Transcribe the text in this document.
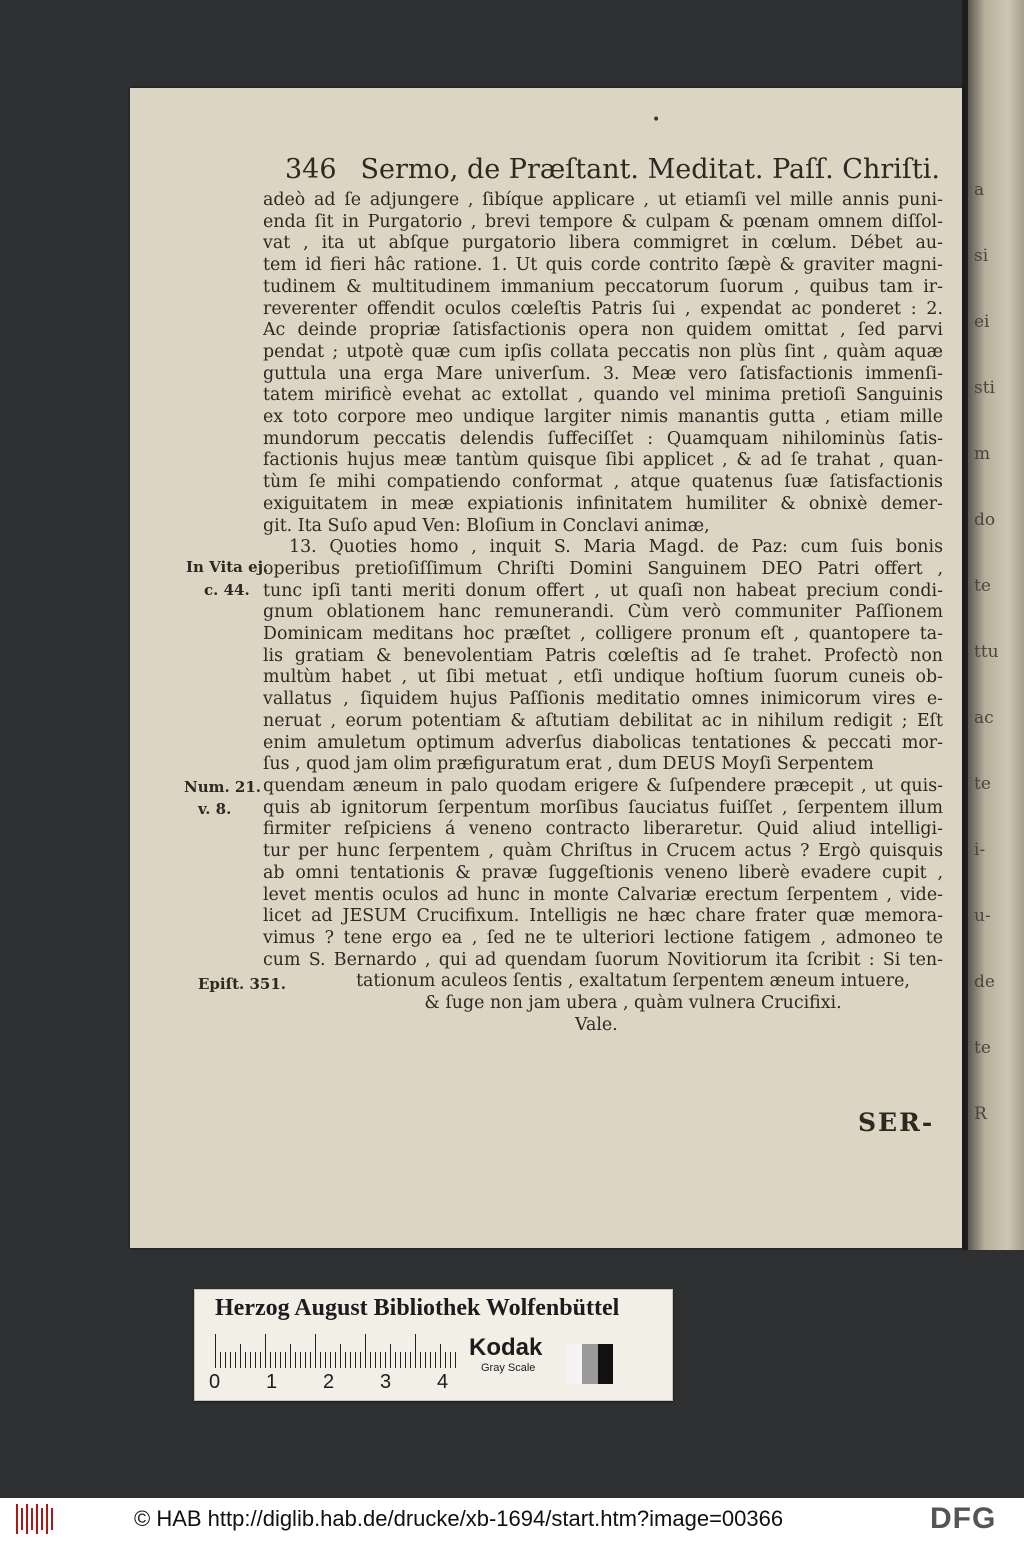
a
si
ei
sti
m
do
te
ttu
ac
te
i-
u-
de
te
R
•
346 Sermo, de Præſtant. Meditat. Paſſ. Chriſti.
adeò ad ſe adjungere , ſibíque applicare , ut etiamſi vel mille annis puni-
enda ſit in Purgatorio , brevi tempore & culpam & pœnam omnem diſſol-
vat , ita ut abſque purgatorio libera commigret in cœlum. Débet au-
tem id fieri hâc ratione. 1. Ut quis corde contrito ſæpè & graviter magni-
tudinem & multitudinem immanium peccatorum ſuorum , quibus tam ir-
reverenter offendit oculos cœleſtis Patris ſui , expendat ac ponderet : 2.
Ac deinde propriæ ſatisfactionis opera non quidem omittat , ſed parvi
pendat ; utpotè quæ cum ipſis collata peccatis non plùs ſint , quàm aquæ
guttula una erga Mare univerſum. 3. Meæ vero ſatisfactionis immenſi-
tatem mirificè evehat ac extollat , quando vel minima pretioſi Sanguinis
ex toto corpore meo undique largiter nimis manantis gutta , etiam mille
mundorum peccatis delendis ſuffeciſſet : Quamquam nihilominùs ſatis-
factionis hujus meæ tantùm quisque ſibi applicet , & ad ſe trahat , quan-
tùm ſe mihi compatiendo conformat , atque quatenus ſuæ ſatisfactionis
exiguitatem in meæ expiationis infinitatem humiliter & obnixè demer-
git. Ita Suſo apud Ven: Bloſium in Conclavi animæ,
13. Quoties homo , inquit S. Maria Magd. de Paz: cum ſuis bonis
operibus pretioſiſſimum Chriſti Domini Sanguinem DEO Patri offert ,
tunc ipſi tanti meriti donum offert , ut quaſi non habeat precium condi-
gnum oblationem hanc remunerandi. Cùm verò communiter Paſſionem
Dominicam meditans hoc præſtet , colligere pronum eſt , quantopere ta-
lis gratiam & benevolentiam Patris cœleſtis ad ſe trahet. Profectò non
multùm habet , ut ſibi metuat , etſi undique hoſtium ſuorum cuneis ob-
vallatus , ſiquidem hujus Paſſionis meditatio omnes inimicorum vires e-
neruat , eorum potentiam & aſtutiam debilitat ac in nihilum redigit ; Eſt
enim amuletum optimum adverſus diabolicas tentationes & peccati mor-
ſus , quod jam olim præfiguratum erat , dum DEUS Moyſi Serpentem
quendam æneum in palo quodam erigere & ſuſpendere præcepit , ut quis-
quis ab ignitorum ſerpentum morſibus ſauciatus fuiſſet , ſerpentem illum
firmiter reſpiciens á veneno contracto liberaretur. Quid aliud intelligi-
tur per hunc ſerpentem , quàm Chriſtus in Crucem actus ? Ergò quisquis
ab omni tentationis & pravæ ſuggeſtionis veneno liberè evadere cupit ,
levet mentis oculos ad hunc in monte Calvariæ erectum ſerpentem , vide-
licet ad JESUM Crucifixum. Intelligis ne hæc chare frater quæ memora-
vimus ? tene ergo ea , ſed ne te ulteriori lectione fatigem , admoneo te
cum S. Bernardo , qui ad quendam ſuorum Novitiorum ita ſcribit : Si ten-
tationum aculeos ſentis , exaltatum ſerpentem æneum intuere,
& ſuge non jam ubera , quàm vulnera Crucifixi.
Vale.
In Vita ej.
c. 44.
Num. 21.
v. 8.
Epiſt. 351.
SER-
Herzog August Bibliothek Wolfenbüttel
0 1 2 3 4
Kodak
Gray Scale
© HAB http://diglib.hab.de/drucke/xb-1694/start.htm?image=00366	DFG
